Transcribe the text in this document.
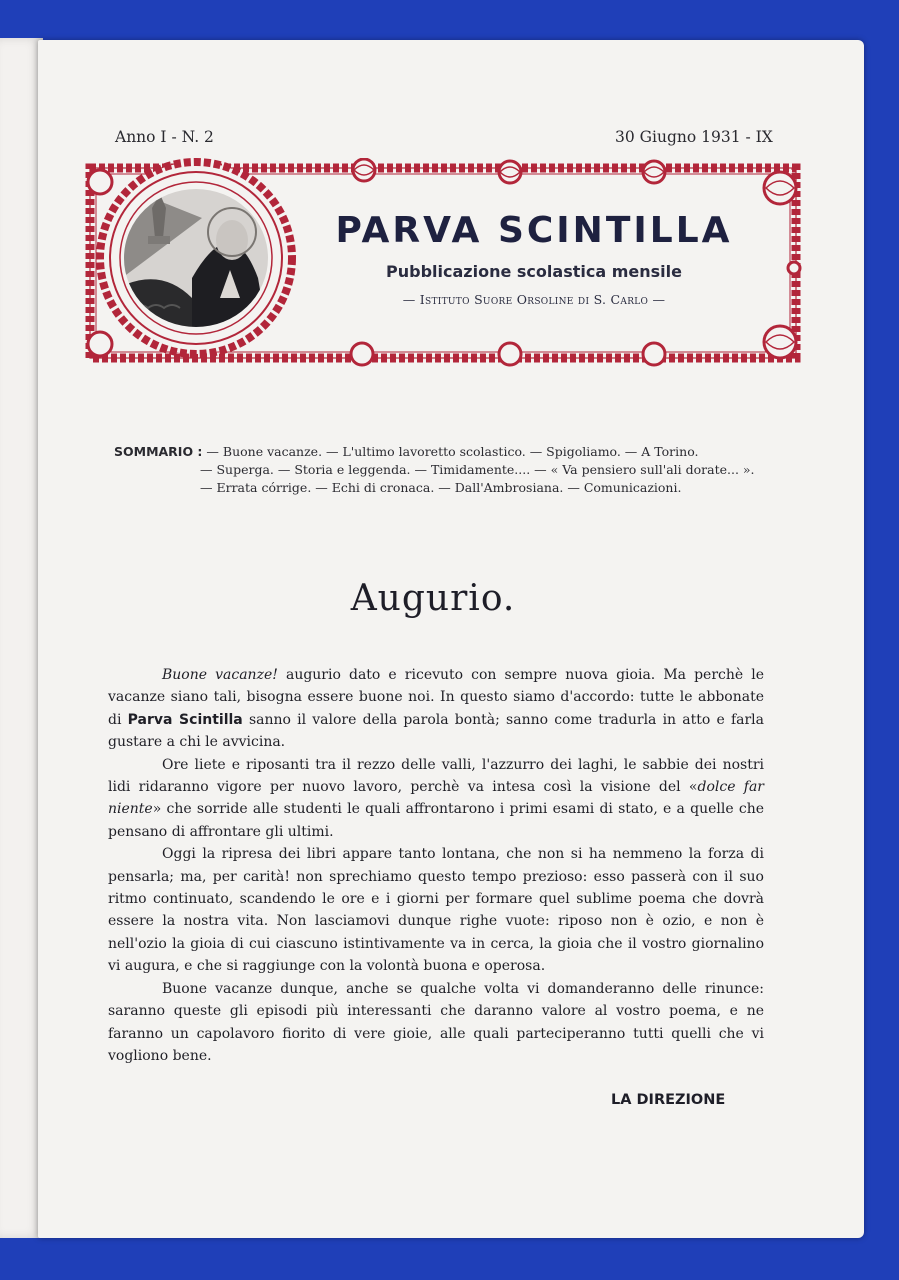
Anno I - N. 2	30 Giugno 1931 - IX
PARVA SCINTILLA
Pubblicazione scolastica mensile
— Istituto Suore Orsoline di S. Carlo —
SOMMARIO : — Buone vacanze. — L'ultimo lavoretto scolastico. — Spigoliamo. — A Torino.
— Superga. — Storia e leggenda. — Timidamente.... — « Va pensiero sull'ali dorate... ».
— Errata córrige. — Echi di cronaca. — Dall'Ambrosiana. — Comunicazioni.
Augurio.

Buone vacanze! augurio dato e ricevuto con sempre nuova gioia. Ma perchè le vacanze siano tali, bisogna essere buone noi. In questo siamo d'accordo: tutte le abbonate di Parva Scintilla sanno il valore della parola bontà; sanno come tradurla in atto e farla gustare a chi le avvicina.

Ore liete e riposanti tra il rezzo delle valli, l'azzurro dei laghi, le sabbie dei nostri lidi ridaranno vigore per nuovo lavoro, perchè va intesa così la visione del «dolce far niente» che sorride alle studenti le quali affrontarono i primi esami di stato, e a quelle che pensano di affrontare gli ultimi.

Oggi la ripresa dei libri appare tanto lontana, che non si ha nemmeno la forza di pensarla; ma, per carità! non sprechiamo questo tempo prezioso: esso passerà con il suo ritmo continuato, scandendo le ore e i giorni per formare quel sublime poema che dovrà essere la nostra vita. Non lasciamovi dunque righe vuote: riposo non è ozio, e non è nell'ozio la gioia di cui ciascuno istintivamente va in cerca, la gioia che il vostro giornalino vi augura, e che si raggiunge con la volontà buona e operosa.

Buone vacanze dunque, anche se qualche volta vi domanderanno delle rinunce: saranno queste gli episodi più interessanti che daranno valore al vostro poema, e ne faranno un capolavoro fiorito di vere gioie, alle quali parteciperanno tutti quelli che vi vogliono bene.

LA DIREZIONE
